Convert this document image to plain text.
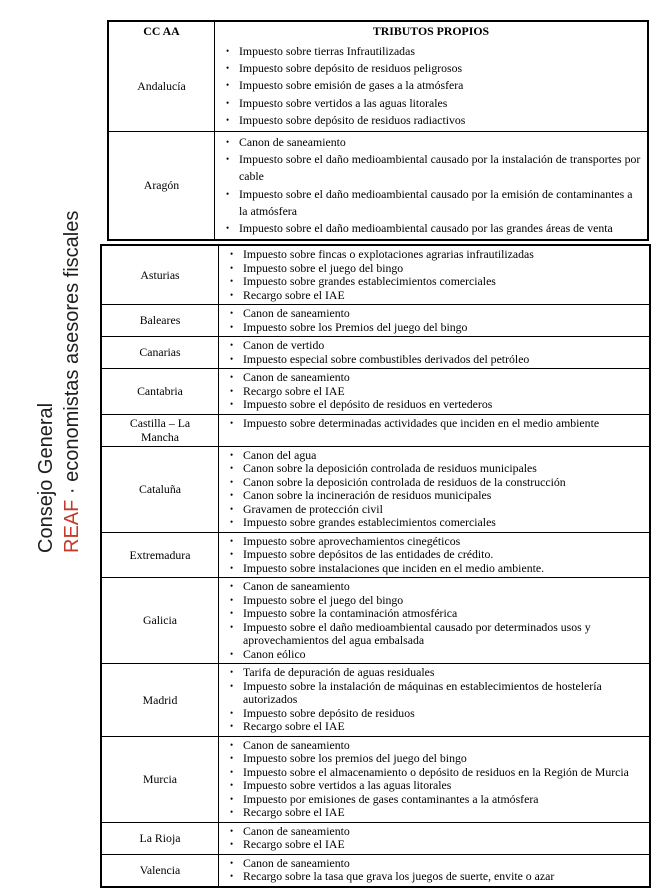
Consejo General REAF · economistas asesores fiscales
CC AA	TRIBUTOS PROPIOS
Andalucía
• Impuesto sobre tierras Infrautilizadas
• Impuesto sobre depósito de residuos peligrosos
• Impuesto sobre emisión de gases a la atmósfera
• Impuesto sobre vertidos a las aguas litorales
• Impuesto sobre depósito de residuos radiactivos
Aragón
• Canon de saneamiento
• Impuesto sobre el daño medioambiental causado por la instalación de transportes por cable
• Impuesto sobre el daño medioambiental causado por la emisión de contaminantes a la atmósfera
• Impuesto sobre el daño medioambiental causado por las grandes áreas de venta
Asturias
• Impuesto sobre fincas o explotaciones agrarias infrautilizadas
• Impuesto sobre el juego del bingo
• Impuesto sobre grandes establecimientos comerciales
• Recargo sobre el IAE
Baleares
• Canon de saneamiento
• Impuesto sobre los Premios del juego del bingo
Canarias
• Canon de vertido
• Impuesto especial sobre combustibles derivados del petróleo
Cantabria
• Canon de saneamiento
• Recargo sobre el IAE
• Impuesto sobre el depósito de residuos en vertederos
Castilla – La Mancha
• Impuesto sobre determinadas actividades que inciden en el medio ambiente
Cataluña
• Canon del agua
• Canon sobre la deposición controlada de residuos municipales
• Canon sobre la deposición controlada de residuos de la construcción
• Canon sobre la incineración de residuos municipales
• Gravamen de protección civil
• Impuesto sobre grandes establecimientos comerciales
Extremadura
• Impuesto sobre aprovechamientos cinegéticos
• Impuesto sobre depósitos de las entidades de crédito.
• Impuesto sobre instalaciones que inciden en el medio ambiente.
Galicia
• Canon de saneamiento
• Impuesto sobre el juego del bingo
• Impuesto sobre la contaminación atmosférica
• Impuesto sobre el daño medioambiental causado por determinados usos y aprovechamientos del agua embalsada
• Canon eólico
Madrid
• Tarifa de depuración de aguas residuales
• Impuesto sobre la instalación de máquinas en establecimientos de hostelería autorizados
• Impuesto sobre depósito de residuos
• Recargo sobre el IAE
Murcia
• Canon de saneamiento
• Impuesto sobre los premios del juego del bingo
• Impuesto sobre el almacenamiento o depósito de residuos en la Región de Murcia
• Impuesto sobre vertidos a las aguas litorales
• Impuesto por emisiones de gases contaminantes a la atmósfera
• Recargo sobre el IAE
La Rioja
• Canon de saneamiento
• Recargo sobre el IAE
Valencia
• Canon de saneamiento
• Recargo sobre la tasa que grava los juegos de suerte, envite o azar
